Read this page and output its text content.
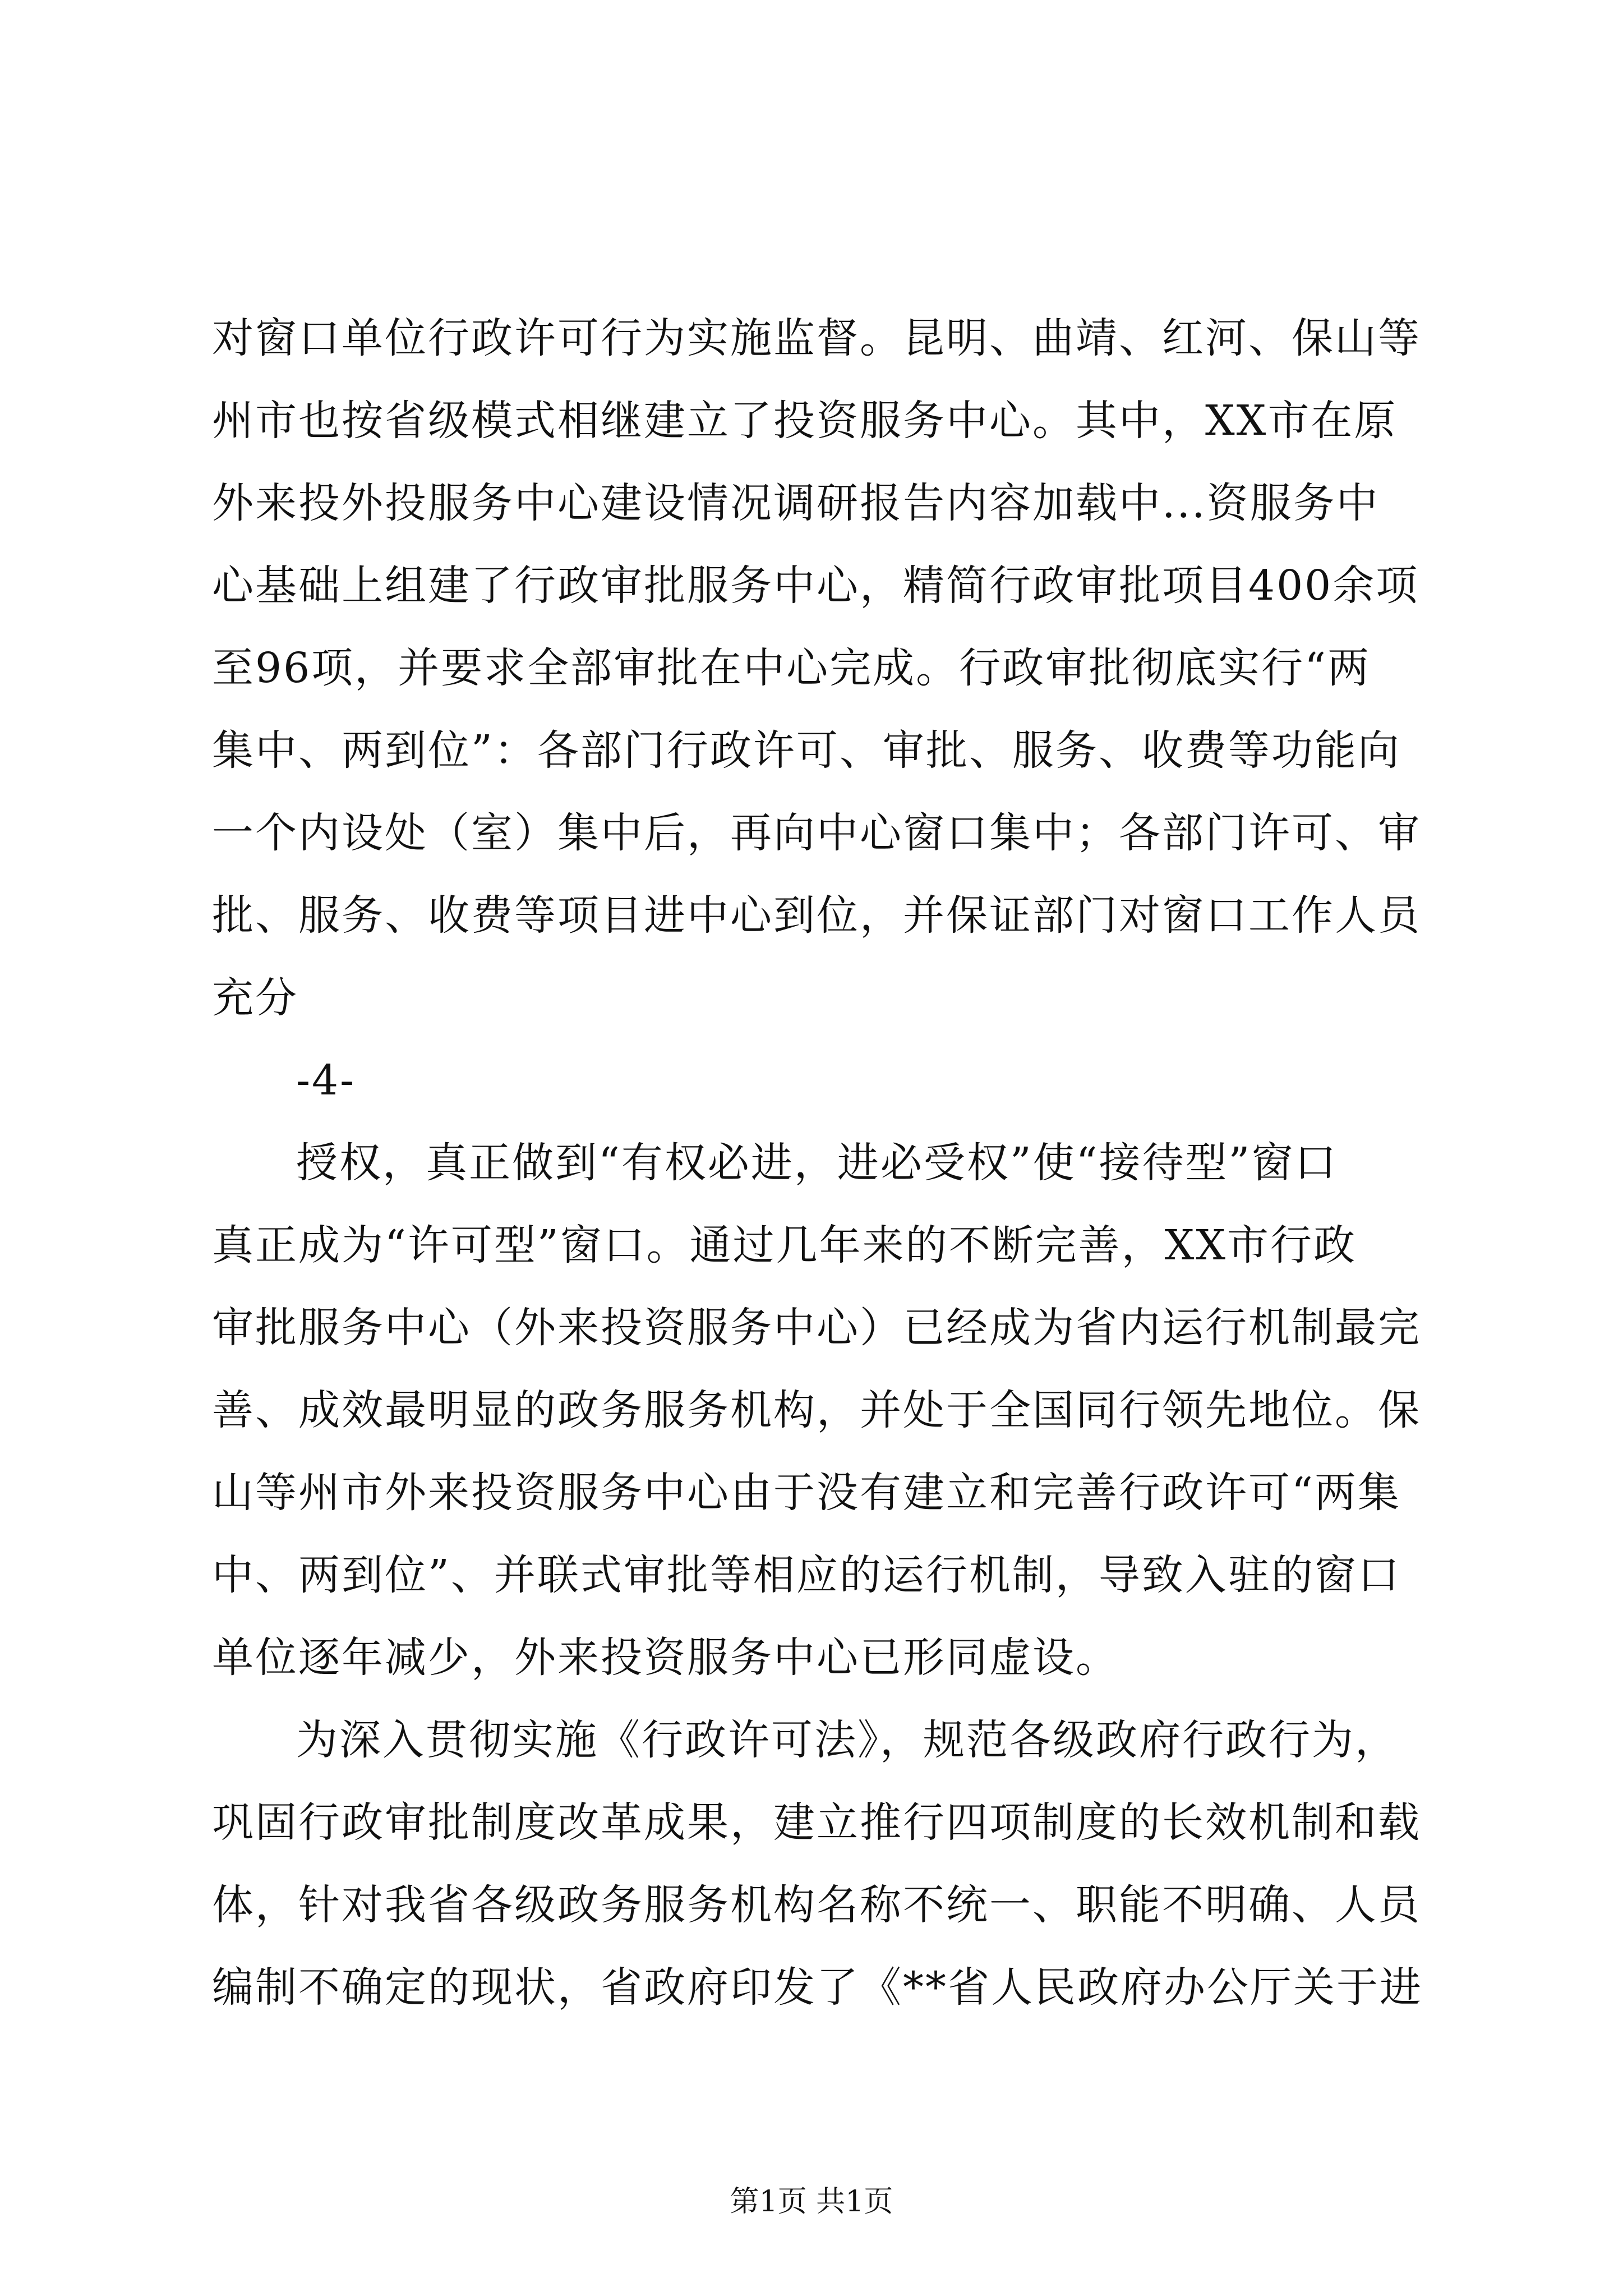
对窗口单位行政许可行为实施监督。昆明、曲靖、红河、保山等
州市也按省级模式相继建立了投资服务中心。其中，XX市在原
外来投外投服务中心建设情况调研报告内容加载中...资服务中
心基础上组建了行政审批服务中心，精简行政审批项目400余项
至96项，并要求全部审批在中心完成。行政审批彻底实行“两
集中、两到位”：各部门行政许可、审批、服务、收费等功能向
一个内设处（室）集中后，再向中心窗口集中；各部门许可、审
批、服务、收费等项目进中心到位，并保证部门对窗口工作人员
充分
-4-
授权，真正做到“有权必进，进必受权”使“接待型”窗口
真正成为“许可型”窗口。通过几年来的不断完善，XX市行政
审批服务中心（外来投资服务中心）已经成为省内运行机制最完
善、成效最明显的政务服务机构，并处于全国同行领先地位。保
山等州市外来投资服务中心由于没有建立和完善行政许可“两集
中、两到位”、并联式审批等相应的运行机制，导致入驻的窗口
单位逐年减少，外来投资服务中心已形同虚设。
为深入贯彻实施《行政许可法》，规范各级政府行政行为，
巩固行政审批制度改革成果，建立推行四项制度的长效机制和载
体，针对我省各级政务服务机构名称不统一、职能不明确、人员
编制不确定的现状，省政府印发了《**省人民政府办公厅关于进
第1页 共1页
